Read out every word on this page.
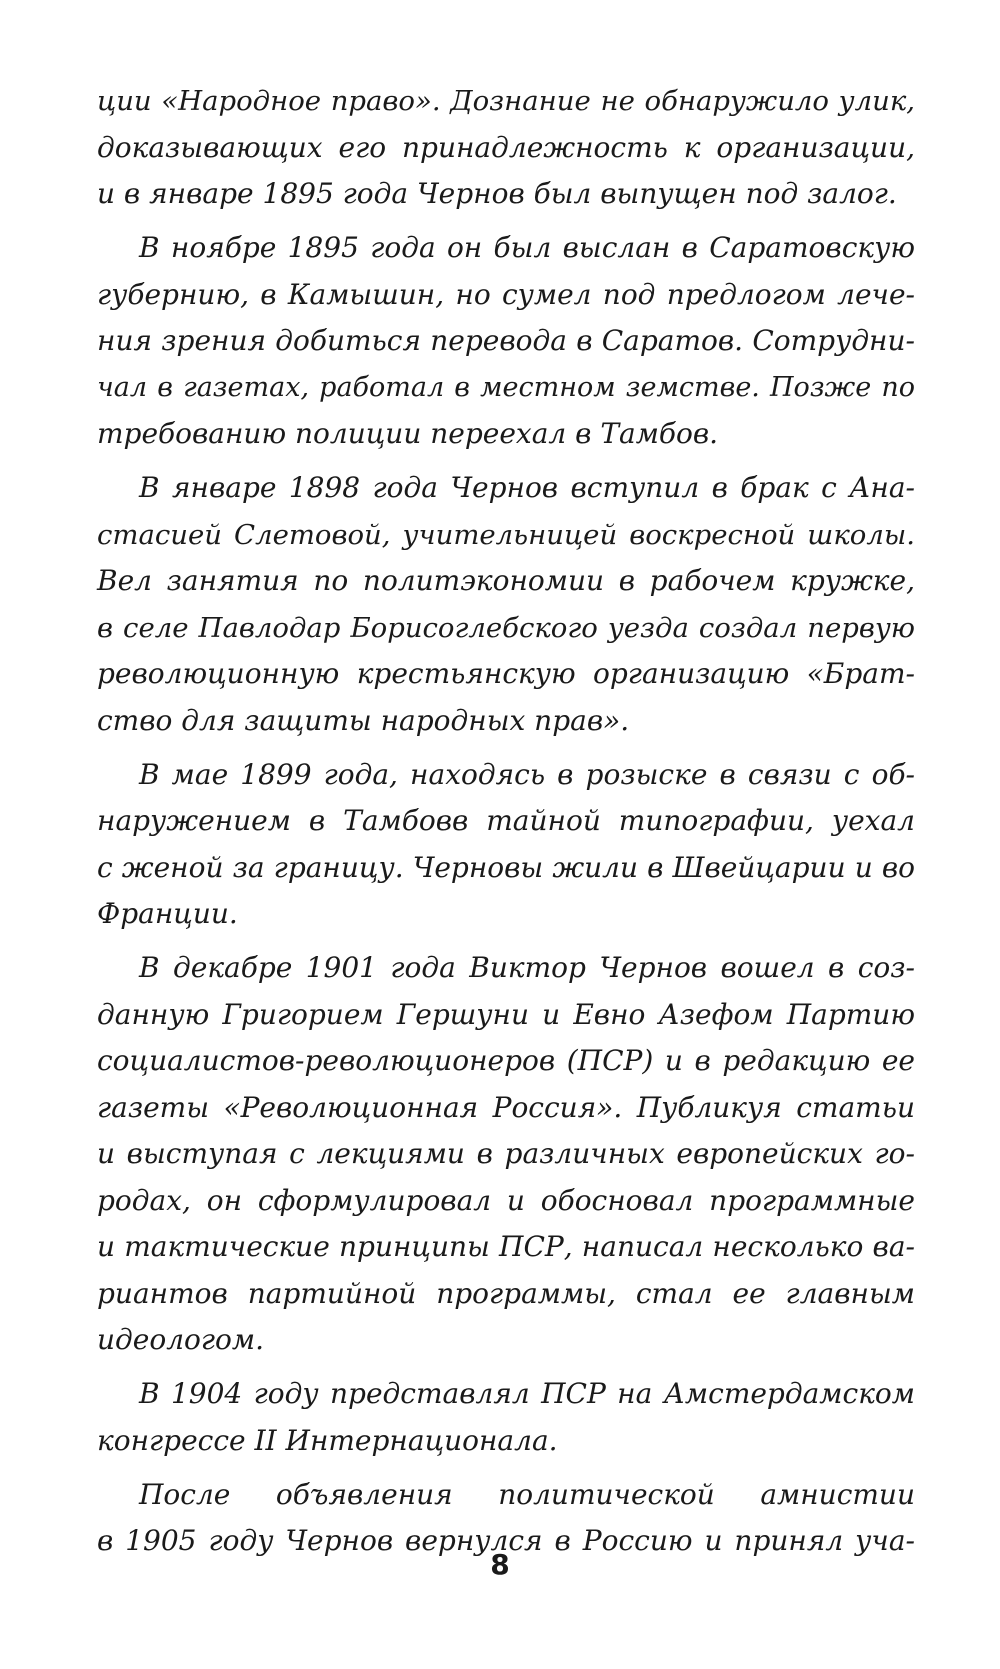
ции «Народное право». Дознание не обнаружило улик,
доказывающих его принадлежность к организации,
и в январе 1895 года Чернов был выпущен под залог.
В ноябре 1895 года он был выслан в Саратовскую
губернию, в Камышин, но сумел под предлогом лече-
ния зрения добиться перевода в Саратов. Сотрудни-
чал в газетах, работал в местном земстве. Позже по
требованию полиции переехал в Тамбов.
В январе 1898 года Чернов вступил в брак с Ана-
стасией Слетовой, учительницей воскресной школы.
Вел занятия по политэкономии в рабочем кружке,
в селе Павлодар Борисоглебского уезда создал первую
революционную крестьянскую организацию «Брат-
ство для защиты народных прав».
В мае 1899 года, находясь в розыске в связи с об-
наружением в Тамбовв тайной типографии, уехал
с женой за границу. Черновы жили в Швейцарии и во
Франции.
В декабре 1901 года Виктор Чернов вошел в соз-
данную Григорием Гершуни и Евно Азефом Партию
социалистов-революционеров (ПСР) и в редакцию ее
газеты «Революционная Россия». Публикуя статьи
и выступая с лекциями в различных европейских го-
родах, он сформулировал и обосновал программные
и тактические принципы ПСР, написал несколько ва-
риантов партийной программы, стал ее главным
идеологом.
В 1904 году представлял ПСР на Амстердамском
конгрессе II Интернационала.
После объявления политической амнистии
в 1905 году Чернов вернулся в Россию и принял уча-
8
